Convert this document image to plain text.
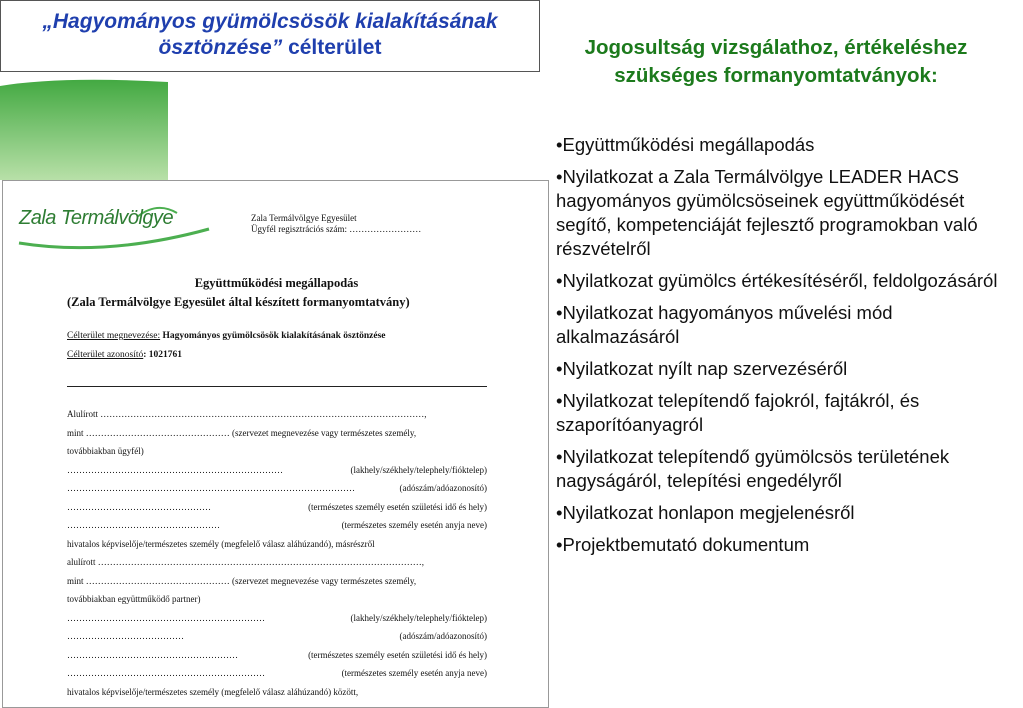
„Hagyományos gyümölcsösök kialakításának ösztönzése” célterület
Zala Termálvölgye	Zala Termálvölgye Egyesület
Ügyfél regisztrációs szám: ……………………
Együttműködési megállapodás
(Zala Termálvölgye Egyesület által készített formanyomtatvány)
Célterület megnevezése: Hagyományos gyümölcsösök kialakításának ösztönzése
Célterület azonosító: 1021761
Alulírott ………………………………………………………………………………………………,
mint ………………………………………… (szervezet megnevezése vagy természetes személy,
továbbiakban ügyfél)
………………………………………………………………	(lakhely/székhely/telephely/fióktelep)
……………………………………………………………………………………	(adószám/adóazonosító)
…………………………………………	(természetes személy esetén születési idő és hely)
……………………………………………	(természetes személy esetén anyja neve)
hivatalos képviselője/természetes személy (megfelelő válasz aláhúzandó), másrészről
alulírott ………………………………………………………………………………………………,
mint ………………………………………… (szervezet megnevezése vagy természetes személy,
továbbiakban együttműködő partner)
…………………………………………………………	(lakhely/székhely/telephely/fióktelep)
…………………………………	(adószám/adóazonosító)
…………………………………………………	(természetes személy esetén születési idő és hely)
…………………………………………………………	(természetes személy esetén anyja neve)
hivatalos képviselője/természetes személy (megfelelő válasz aláhúzandó) között,
Jogosultság vizsgálathoz, értékeléshez szükséges formanyomtatványok:
•Együttműködési megállapodás
•Nyilatkozat a Zala Termálvölgye LEADER HACS hagyományos gyümölcsöseinek együttműködését segítő, kompetenciáját fejlesztő programokban való részvételről
•Nyilatkozat gyümölcs értékesítéséről, feldolgozásáról
•Nyilatkozat hagyományos művelési mód alkalmazásáról
•Nyilatkozat nyílt nap szervezéséről
•Nyilatkozat telepítendő fajokról, fajtákról, és szaporítóanyagról
•Nyilatkozat telepítendő gyümölcsös területének nagyságáról, telepítési engedélyről
•Nyilatkozat honlapon megjelenésről
•Projektbemutató dokumentum
